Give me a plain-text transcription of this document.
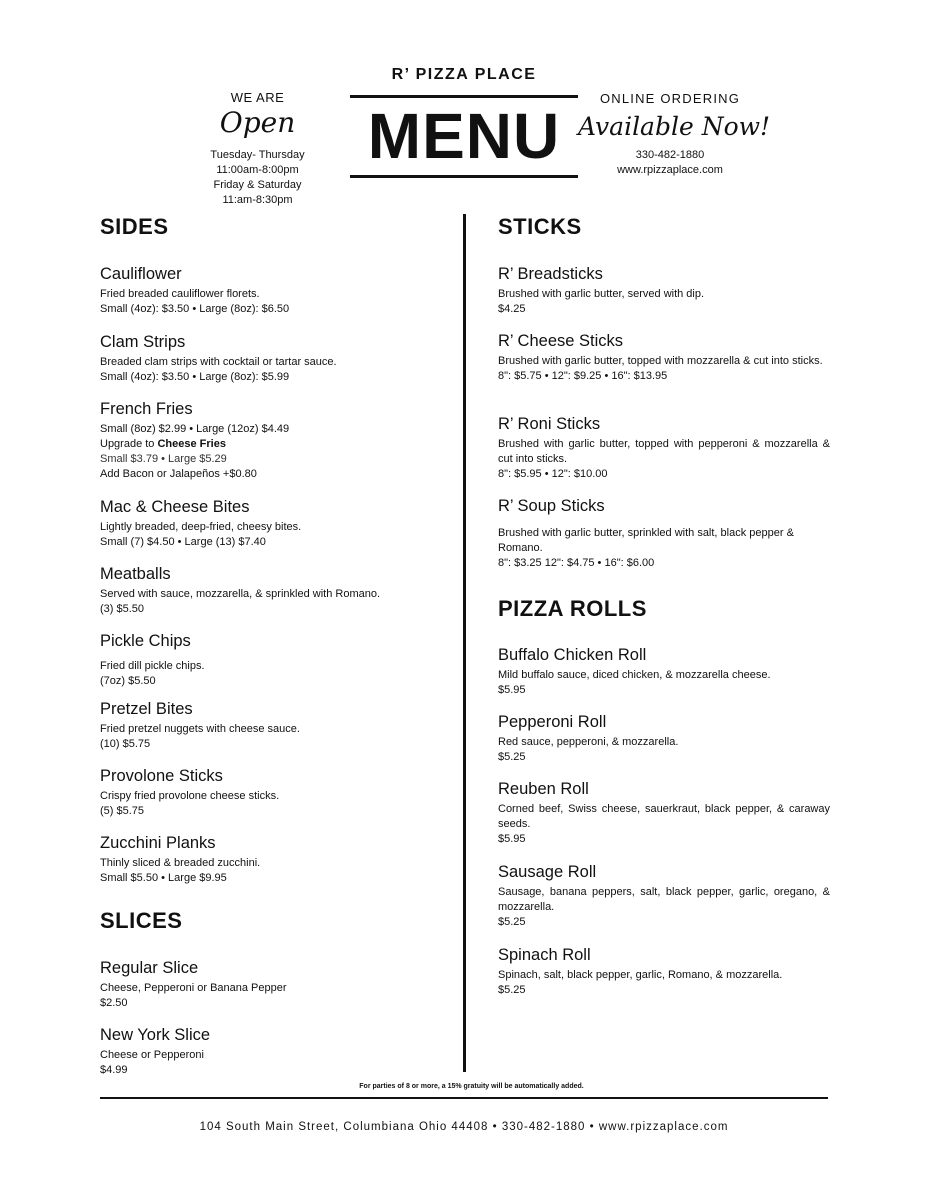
WE ARE
Open
Tuesday- Thursday
11:00am-8:00pm
Friday & Saturday
11:am-8:30pm
R’ PIZZA PLACE
MENU
ONLINE ORDERING
Available Now!
330-482-1880
www.rpizzaplace.com
SIDES
Cauliflower
Fried breaded cauliflower florets.
Small (4oz): $3.50 • Large (8oz): $6.50
Clam Strips
Breaded clam strips with cocktail or tartar sauce.
Small (4oz): $3.50 • Large (8oz): $5.99
French Fries
Small (8oz) $2.99 • Large (12oz) $4.49
Upgrade to Cheese Fries
Small $3.79 • Large $5.29
Add Bacon or Jalapeños +$0.80
Mac & Cheese Bites
Lightly breaded, deep-fried, cheesy bites.
Small (7) $4.50 • Large (13) $7.40
Meatballs
Served with sauce, mozzarella, & sprinkled with Romano.
(3) $5.50
Pickle Chips
Fried dill pickle chips.
(7oz) $5.50
Pretzel Bites
Fried pretzel nuggets with cheese sauce.
(10) $5.75
Provolone Sticks
Crispy fried provolone cheese sticks.
(5) $5.75
Zucchini Planks
Thinly sliced & breaded zucchini.
Small $5.50 • Large $9.95
SLICES
Regular Slice
Cheese, Pepperoni or Banana Pepper
$2.50
New York Slice
Cheese or Pepperoni
$4.99
STICKS
R’ Breadsticks
Brushed with garlic butter, served with dip.
$4.25
R’ Cheese Sticks
Brushed with garlic butter, topped with mozzarella & cut into sticks.
8": $5.75 • 12": $9.25 • 16": $13.95
R’ Roni Sticks
Brushed with garlic butter, topped with pepperoni & mozzarella & cut into sticks.
8": $5.95 • 12": $10.00
R’ Soup Sticks
Brushed with garlic butter, sprinkled with salt, black pepper & Romano.
8": $3.25 12": $4.75 • 16": $6.00
PIZZA ROLLS
Buffalo Chicken Roll
Mild buffalo sauce, diced chicken, & mozzarella cheese.
$5.95
Pepperoni Roll
Red sauce, pepperoni, & mozzarella.
$5.25
Reuben Roll
Corned beef, Swiss cheese, sauerkraut, black pepper, & caraway seeds.
$5.95
Sausage Roll
Sausage, banana peppers, salt, black pepper, garlic, oregano, & mozzarella.
$5.25
Spinach Roll
Spinach, salt, black pepper, garlic, Romano, & mozzarella.
$5.25
For parties of 8 or more, a 15% gratuity will be automatically added.
104 South Main Street, Columbiana Ohio 44408 • 330-482-1880 • www.rpizzaplace.com
